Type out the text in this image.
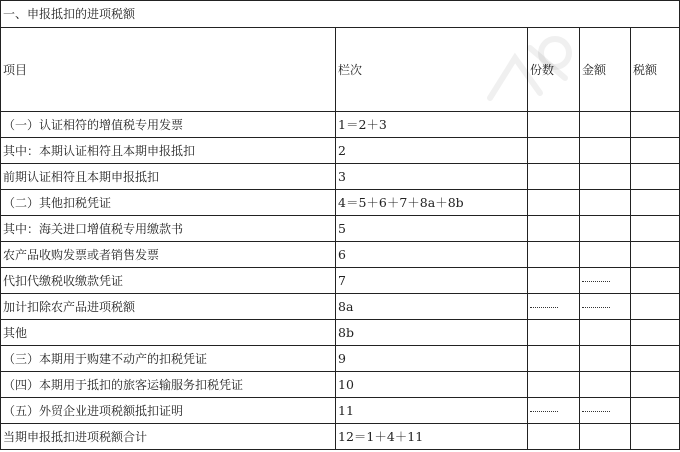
一、申报抵扣的进项税额				
项目	栏次	份数	金额	税额
（一）认证相符的增值税专用发票	1＝2＋3			
其中：本期认证相符且本期申报抵扣	2			
前期认证相符且本期申报抵扣	3			
（二）其他扣税凭证	4＝5＋6＋7＋8a＋8b			
其中：海关进口增值税专用缴款书	5			
农产品收购发票或者销售发票	6			
代扣代缴税收缴款凭证	7			
加计扣除农产品进项税额	8a			
其他	8b			
（三）本期用于购建不动产的扣税凭证	9			
（四）本期用于抵扣的旅客运输服务扣税凭证	10			
（五）外贸企业进项税额抵扣证明	11			
当期申报抵扣进项税额合计	12＝1＋4＋11			
